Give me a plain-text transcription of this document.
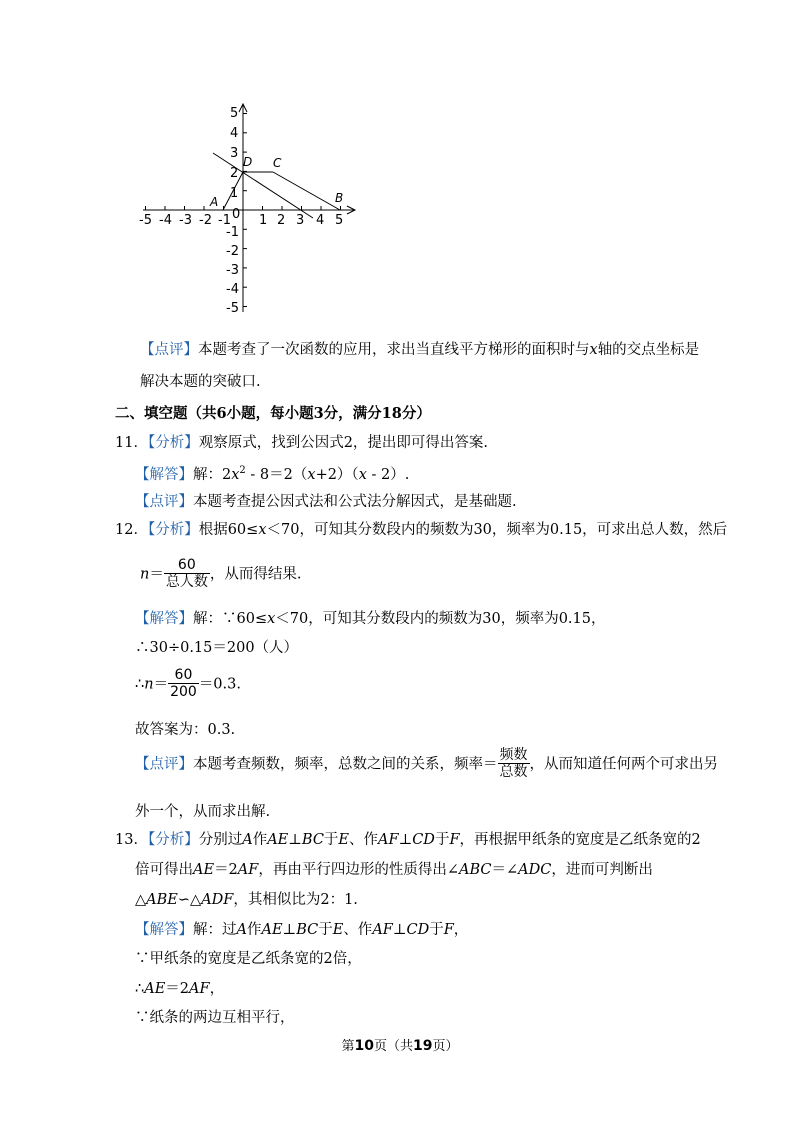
-5 -4 -3 -2 -1 0 1 2 3 4 5
5
4
3
2
1
-1
-2
-3
-4
-5
A
D C
B
【点评】本题考查了一次函数的应用，求出当直线平方梯形的面积时与x轴的交点坐标是
解决本题的突破口.
二、填空题（共6小题，每小题3分，满分18分）
11．【分析】观察原式，找到公因式2，提出即可得出答案.
【解答】解：$2x^2 - 8=2(x+2)(x - 2)$.
【点评】本题考查提公因式法和公式法分解因式，是基础题.
12．【分析】根据60≤x＜70，可知其分数段内的频数为30，频率为0.15，可求出总人数，然后
$n= \frac{60}{\text{总人数}}$ ，从而得结果.
【解答】解：∵60≤x＜70，可知其分数段内的频数为30，频率为0.15，
∴30÷0.15＝200（人）
∴n＝ $\frac{60}{200} =0.3$.
故答案为：0.3.
【点评】本题考查频数，频率，总数之间的关系，频率＝ $\frac{\text{频数}}{\text{总数}}$ ，从而知道任何两个可求出另
外一个，从而求出解.
13．【分析】分别过A作AE⊥BC于E、作AF⊥CD于F，再根据甲纸条的宽度是乙纸条宽的2
倍可得出AE＝2AF，再由平行四边形的性质得出∠ABC＝∠ADC，进而可判断出
△ABE∽△ADF，其相似比为2：1.
【解答】解：过A作AE⊥BC于E、作AF⊥CD于F，
∵甲纸条的宽度是乙纸条宽的2倍，
∴AE＝2AF，
∵纸条的两边互相平行，
第10页（共19页）
